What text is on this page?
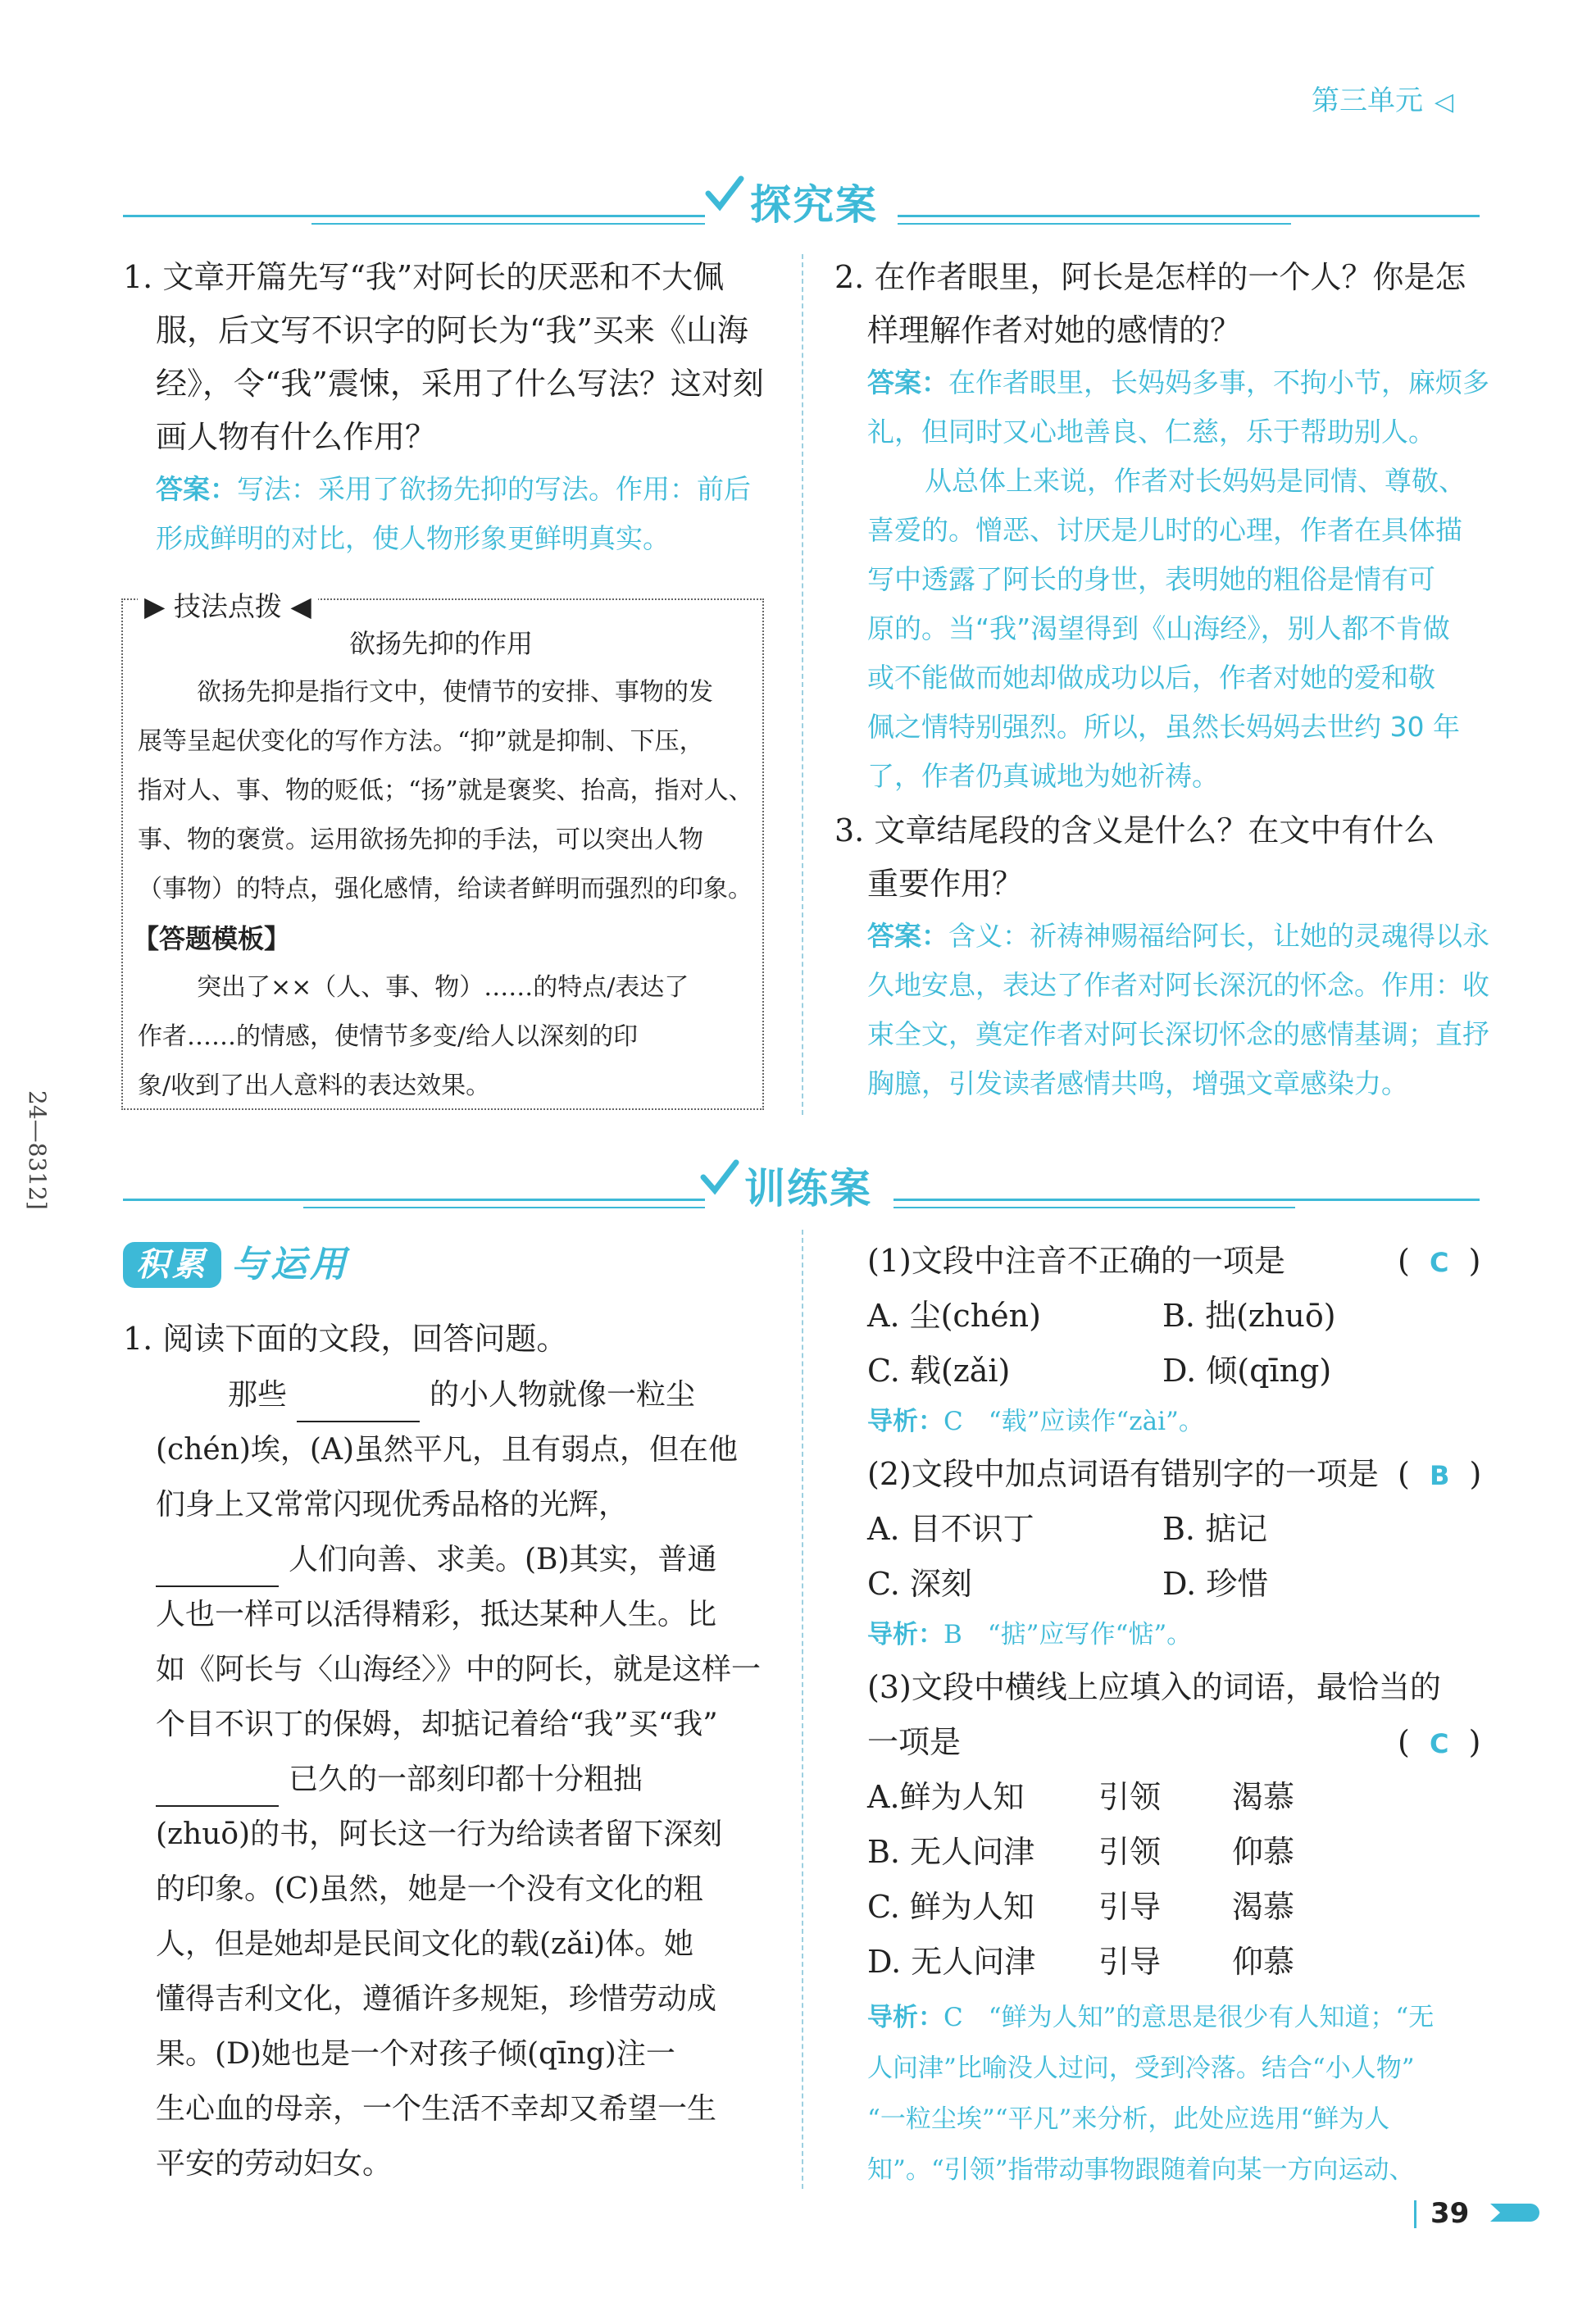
第三单元 ◁
探究案
1. 文章开篇先写“我”对阿长的厌恶和不大佩
服，后文写不识字的阿长为“我”买来《山海
经》，令“我”震悚，采用了什么写法？这对刻
画人物有什么作用？
答案：写法：采用了欲扬先抑的写法。作用：前后
形成鲜明的对比，使人物形象更鲜明真实。
▶ 技法点拨 ◀
欲扬先抑的作用
欲扬先抑是指行文中，使情节的安排、事物的发
展等呈起伏变化的写作方法。“抑”就是抑制、下压，
指对人、事、物的贬低；“扬”就是褒奖、抬高，指对人、
事、物的褒赏。运用欲扬先抑的手法，可以突出人物
（事物）的特点，强化感情，给读者鲜明而强烈的印象。
【答题模板】
突出了××（人、事、物）……的特点/表达了
作者……的情感，使情节多变/给人以深刻的印
象/收到了出人意料的表达效果。
2. 在作者眼里，阿长是怎样的一个人？你是怎
样理解作者对她的感情的？
答案：在作者眼里，长妈妈多事，不拘小节，麻烦多
礼，但同时又心地善良、仁慈，乐于帮助别人。
从总体上来说，作者对长妈妈是同情、尊敬、
喜爱的。憎恶、讨厌是儿时的心理，作者在具体描
写中透露了阿长的身世，表明她的粗俗是情有可
原的。当“我”渴望得到《山海经》，别人都不肯做
或不能做而她却做成功以后，作者对她的爱和敬
佩之情特别强烈。所以，虽然长妈妈去世约 30 年
了，作者仍真诚地为她祈祷。
3. 文章结尾段的含义是什么？在文中有什么
重要作用？
答案：含义：祈祷神赐福给阿长，让她的灵魂得以永
久地安息，表达了作者对阿长深沉的怀念。作用：收
束全文，奠定作者对阿长深切怀念的感情基调；直抒
胸臆，引发读者感情共鸣，增强文章感染力。
24—8312]	训练案
积累 与运用
1. 阅读下面的文段，回答问题。
那些	的小人物就像一粒尘
(chén)埃，(A)虽然平凡，且有弱点，但在他
们身上又常常闪现优秀品格的光辉，
人们向善、求美。(B)其实，普通
人也一样可以活得精彩，抵达某种人生。比
如《阿长与〈山海经〉》中的阿长，就是这样一
个目不识丁的保姆，却掂记着给“我”买“我”
已久的一部刻印都十分粗拙
(zhuō)的书，阿长这一行为给读者留下深刻
的印象。(C)虽然，她是一个没有文化的粗
人，但是她却是民间文化的载(zǎi)体。她
懂得吉利文化，遵循许多规矩，珍惜劳动成
果。(D)她也是一个对孩子倾(qīng)注一
生心血的母亲，一个生活不幸却又希望一生
平安的劳动妇女。
(1)文段中注音不正确的一项是	(  C  )
A. 尘(chén)	B. 拙(zhuō)
C. 载(zǎi)	D. 倾(qīng)
导析：C　“载”应读作“zài”。
(2)文段中加点词语有错别字的一项是 (  B  )
A. 目不识丁	B. 掂记
C. 深刻	D. 珍惜
导析：B　“掂”应写作“惦”。
(3)文段中横线上应填入的词语，最恰当的
一项是	(  C  )
A.鲜为人知 引领 渴慕
B. 无人问津 引领 仰慕
C. 鲜为人知 引导 渴慕
D. 无人问津 引导 仰慕
导析：C　“鲜为人知”的意思是很少有人知道；“无
人问津”比喻没人过问，受到冷落。结合“小人物”
“一粒尘埃”“平凡”来分析，此处应选用“鲜为人
知”。“引领”指带动事物跟随着向某一方向运动、
39
